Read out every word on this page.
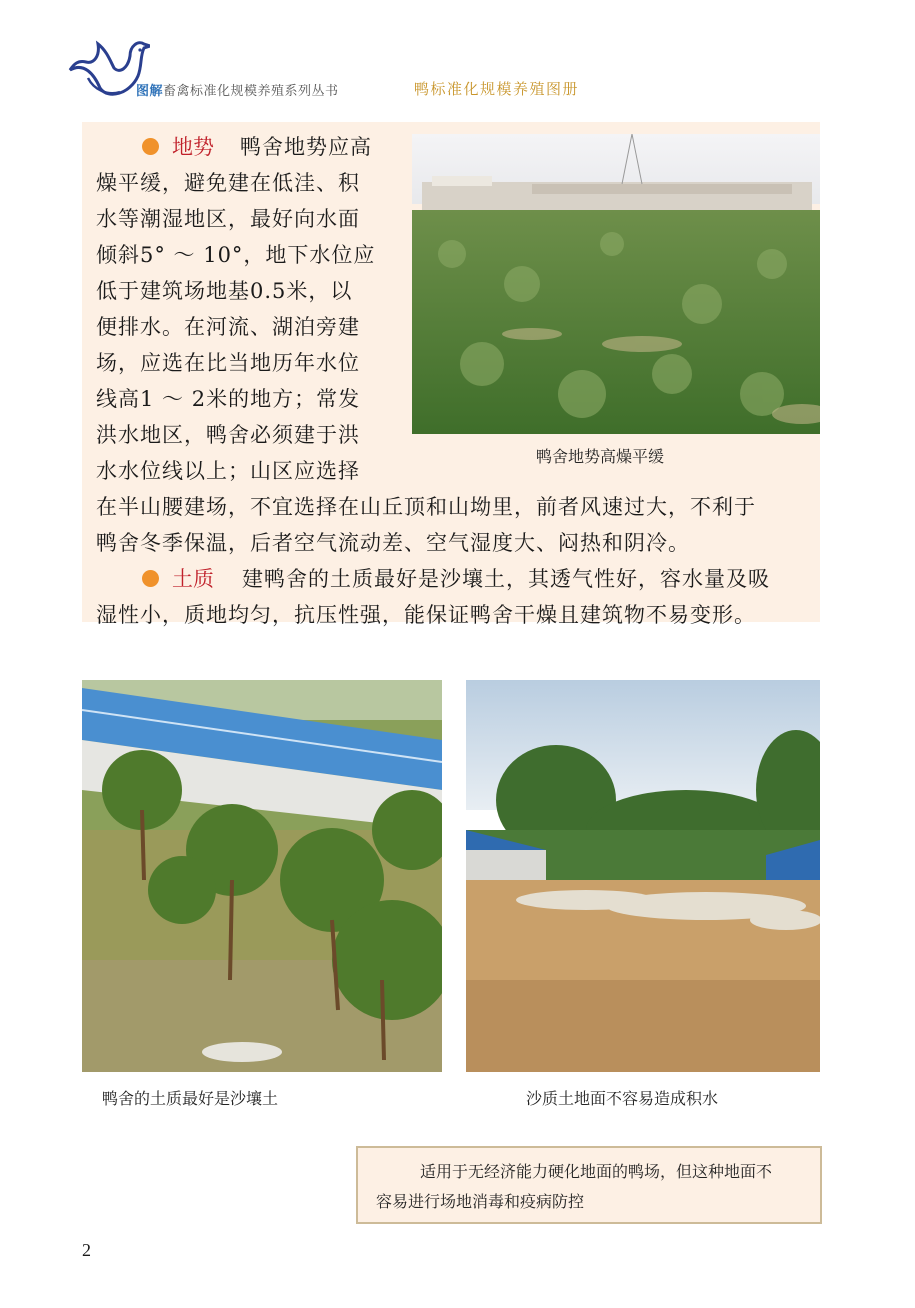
图解畜禽标准化规模养殖系列丛书	鸭标准化规模养殖图册
鸭舍地势高燥平缓
地势 鸭舍地势应高
燥平缓，避免建在低洼、积
水等潮湿地区，最好向水面
倾斜5° ～ 10°，地下水位应
低于建筑场地基0.5米，以
便排水。在河流、湖泊旁建
场，应选在比当地历年水位
线高1 ～ 2米的地方；常发
洪水地区，鸭舍必须建于洪
水水位线以上；山区应选择
在半山腰建场，不宜选择在山丘顶和山坳里，前者风速过大，不利于
鸭舍冬季保温，后者空气流动差、空气湿度大、闷热和阴冷。
土质 建鸭舍的土质最好是沙壤土，其透气性好，容水量及吸
湿性小，质地均匀，抗压性强，能保证鸭舍干燥且建筑物不易变形。
鸭舍的土质最好是沙壤土	沙质土地面不容易造成积水
适用于无经济能力硬化地面的鸭场，但这种地面不
容易进行场地消毒和疫病防控
2
